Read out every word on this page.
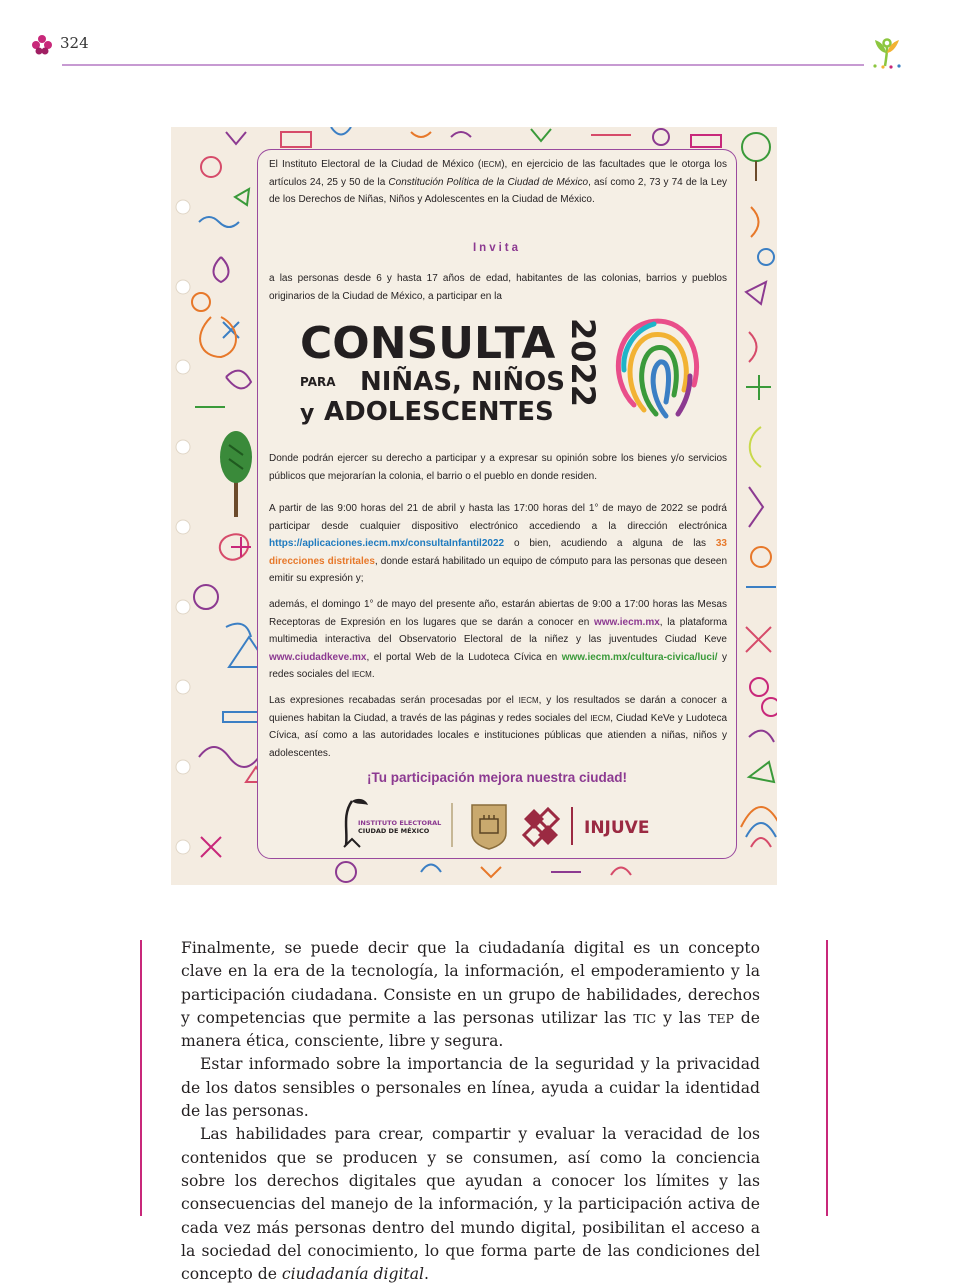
324

El Instituto Electoral de la Ciudad de México (IECM), en ejercicio de las facultades que le otorga los artículos 24, 25 y 50 de la Constitución Política de la Ciudad de México, así como 2, 73 y 74 de la Ley de los Derechos de Niñas, Niños y Adolescentes en la Ciudad de México.

Invita

a las personas desde 6 y hasta 17 años de edad, habitantes de las colonias, barrios y pueblos originarios de la Ciudad de México, a participar en la

CONSULTA
PARA NIÑAS, NIÑOS
y ADOLESCENTES
2022

Donde podrán ejercer su derecho a participar y a expresar su opinión sobre los bienes y/o servicios públicos que mejorarían la colonia, el barrio o el pueblo en donde residen.

A partir de las 9:00 horas del 21 de abril y hasta las 17:00 horas del 1° de mayo de 2022 se podrá participar desde cualquier dispositivo electrónico accediendo a la dirección electrónica https://aplicaciones.iecm.mx/consultaInfantil2022 o bien, acudiendo a alguna de las 33 direcciones distritales, donde estará habilitado un equipo de cómputo para las personas que deseen emitir su expresión y;

además, el domingo 1° de mayo del presente año, estarán abiertas de 9:00 a 17:00 horas las Mesas Receptoras de Expresión en los lugares que se darán a conocer en www.iecm.mx, la plataforma multimedia interactiva del Observatorio Electoral de la niñez y las juventudes Ciudad Keve www.ciudadkeve.mx, el portal Web de la Ludoteca Cívica en www.iecm.mx/cultura-civica/luci/ y redes sociales del IECM.

Las expresiones recabadas serán procesadas por el IECM, y los resultados se darán a conocer a quienes habitan la Ciudad, a través de las páginas y redes sociales del IECM, Ciudad KeVe y Ludoteca Cívica, así como a las autoridades locales e instituciones públicas que atienden a niñas, niños y adolescentes.

¡Tu participación mejora nuestra ciudad!
INSTITUTO ELECTORAL
CIUDAD DE MÉXICO	INJUVE

Finalmente, se puede decir que la ciudadanía digital es un concepto clave en la era de la tecnología, la información, el empoderamiento y la participación ciudadana. Consiste en un grupo de habilidades, derechos y competencias que permite a las personas utilizar las TIC y las TEP de manera ética, consciente, libre y segura.

Estar informado sobre la importancia de la seguridad y la privacidad de los datos sensibles o personales en línea, ayuda a cuidar la identidad de las personas.

Las habilidades para crear, compartir y evaluar la veracidad de los contenidos que se producen y se consumen, así como la conciencia sobre los derechos digitales que ayudan a conocer los límites y las consecuencias del manejo de la información, y la participación activa de cada vez más personas dentro del mundo digital, posibilitan el acceso a la sociedad del conocimiento, lo que forma parte de las condiciones del concepto de ciudadanía digital.
